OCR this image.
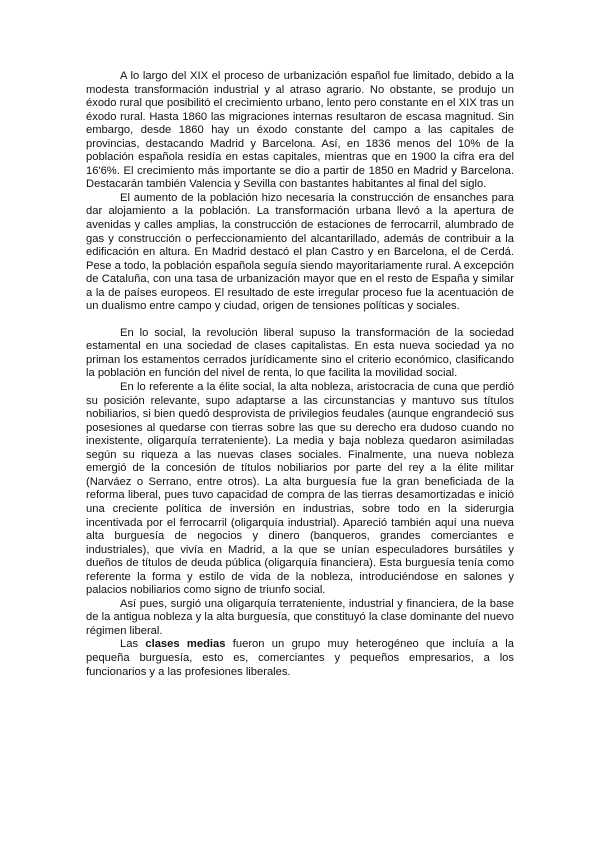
A lo largo del XIX el proceso de urbanización español fue limitado, debido a la modesta transformación industrial y al atraso agrario. No obstante, se produjo un éxodo rural que posibilitó el crecimiento urbano, lento pero constante en el XIX tras un éxodo rural. Hasta 1860 las migraciones internas resultaron de escasa magnitud. Sin embargo, desde 1860 hay un éxodo constante del campo a las capitales de provincias, destacando Madrid y Barcelona. Así, en 1836 menos del 10% de la población española residía en estas capitales, mientras que en 1900 la cifra era del 16'6%. El crecimiento más importante se dio a partir de 1850 en Madrid y Barcelona. Destacarán también Valencia y Sevilla con bastantes habitantes al final del siglo.

El aumento de la población hizo necesaria la construcción de ensanches para dar alojamiento a la población. La transformación urbana llevó a la apertura de avenidas y calles amplias, la construcción de estaciones de ferrocarril, alumbrado de gas y construcción o perfeccionamiento del alcantarillado, además de contribuir a la edificación en altura. En Madrid destacó el plan Castro y en Barcelona, el de Cerdá. Pese a todo, la población española seguía siendo mayoritariamente rural. A excepción de Cataluña, con una tasa de urbanización mayor que en el resto de España y similar a la de países europeos. El resultado de este irregular proceso fue la acentuación de un dualismo entre campo y ciudad, origen de tensiones políticas y sociales.

En lo social, la revolución liberal supuso la transformación de la sociedad estamental en una sociedad de clases capitalistas. En esta nueva sociedad ya no priman los estamentos cerrados jurídicamente sino el criterio económico, clasificando la población en función del nivel de renta, lo que facilita la movilidad social.

En lo referente a la élite social, la alta nobleza, aristocracia de cuna que perdió su posición relevante, supo adaptarse a las circunstancias y mantuvo sus títulos nobiliarios, si bien quedó desprovista de privilegios feudales (aunque engrandeció sus posesiones al quedarse con tierras sobre las que su derecho era dudoso cuando no inexistente, oligarquía terrateniente). La media y baja nobleza quedaron asimiladas según su riqueza a las nuevas clases sociales. Finalmente, una nueva nobleza emergió de la concesión de títulos nobiliarios por parte del rey a la élite militar (Narváez o Serrano, entre otros). La alta burguesía fue la gran beneficiada de la reforma liberal, pues tuvo capacidad de compra de las tierras desamortizadas e inició una creciente política de inversión en industrias, sobre todo en la siderurgia incentivada por el ferrocarril (oligarquía industrial). Apareció también aquí una nueva alta burguesía de negocios y dinero (banqueros, grandes comerciantes e industriales), que vivía en Madrid, a la que se unían especuladores bursátiles y dueños de títulos de deuda pública (oligarquía financiera). Esta burguesía tenía como referente la forma y estilo de vida de la nobleza, introduciéndose en salones y palacios nobiliarios como signo de triunfo social.

Así pues, surgió una oligarquía terrateniente, industrial y financiera, de la base de la antigua nobleza y la alta burguesía, que constituyó la clase dominante del nuevo régimen liberal.

Las clases medias fueron un grupo muy heterogéneo que incluía a la pequeña burguesía, esto es, comerciantes y pequeños empresarios, a los funcionarios y a las profesiones liberales.
